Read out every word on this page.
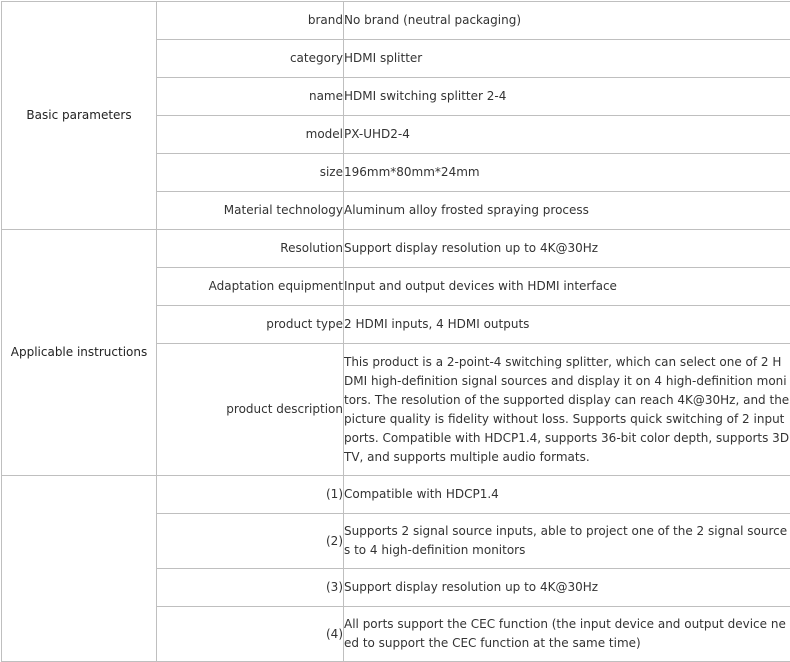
Basic parameters	brand	No brand (neutral packaging)
	category	HDMI splitter
	name	HDMI switching splitter 2-4
	model	PX-UHD2-4
	size	196mm*80mm*24mm
	Material technology	Aluminum alloy frosted spraying process
Applicable instructions	Resolution	Support display resolution up to 4K@30Hz
	Adaptation equipment	Input and output devices with HDMI interface
	product type	2 HDMI inputs, 4 HDMI outputs
	product description	This product is a 2-point-4 switching splitter, which can select one of 2 HDMI high-definition signal sources and display it on 4 high-definition monitors. The resolution of the supported display can reach 4K@30Hz, and the picture quality is fidelity without loss. Supports quick switching of 2 input ports. Compatible with HDCP1.4, supports 36-bit color depth, supports 3D TV, and supports multiple audio formats.
	(1)	Compatible with HDCP1.4
	(2)	Supports 2 signal source inputs, able to project one of the 2 signal sources to 4 high-definition monitors
	(3)	Support display resolution up to 4K@30Hz
	(4)	All ports support the CEC function (the input device and output device need to support the CEC function at the same time)
